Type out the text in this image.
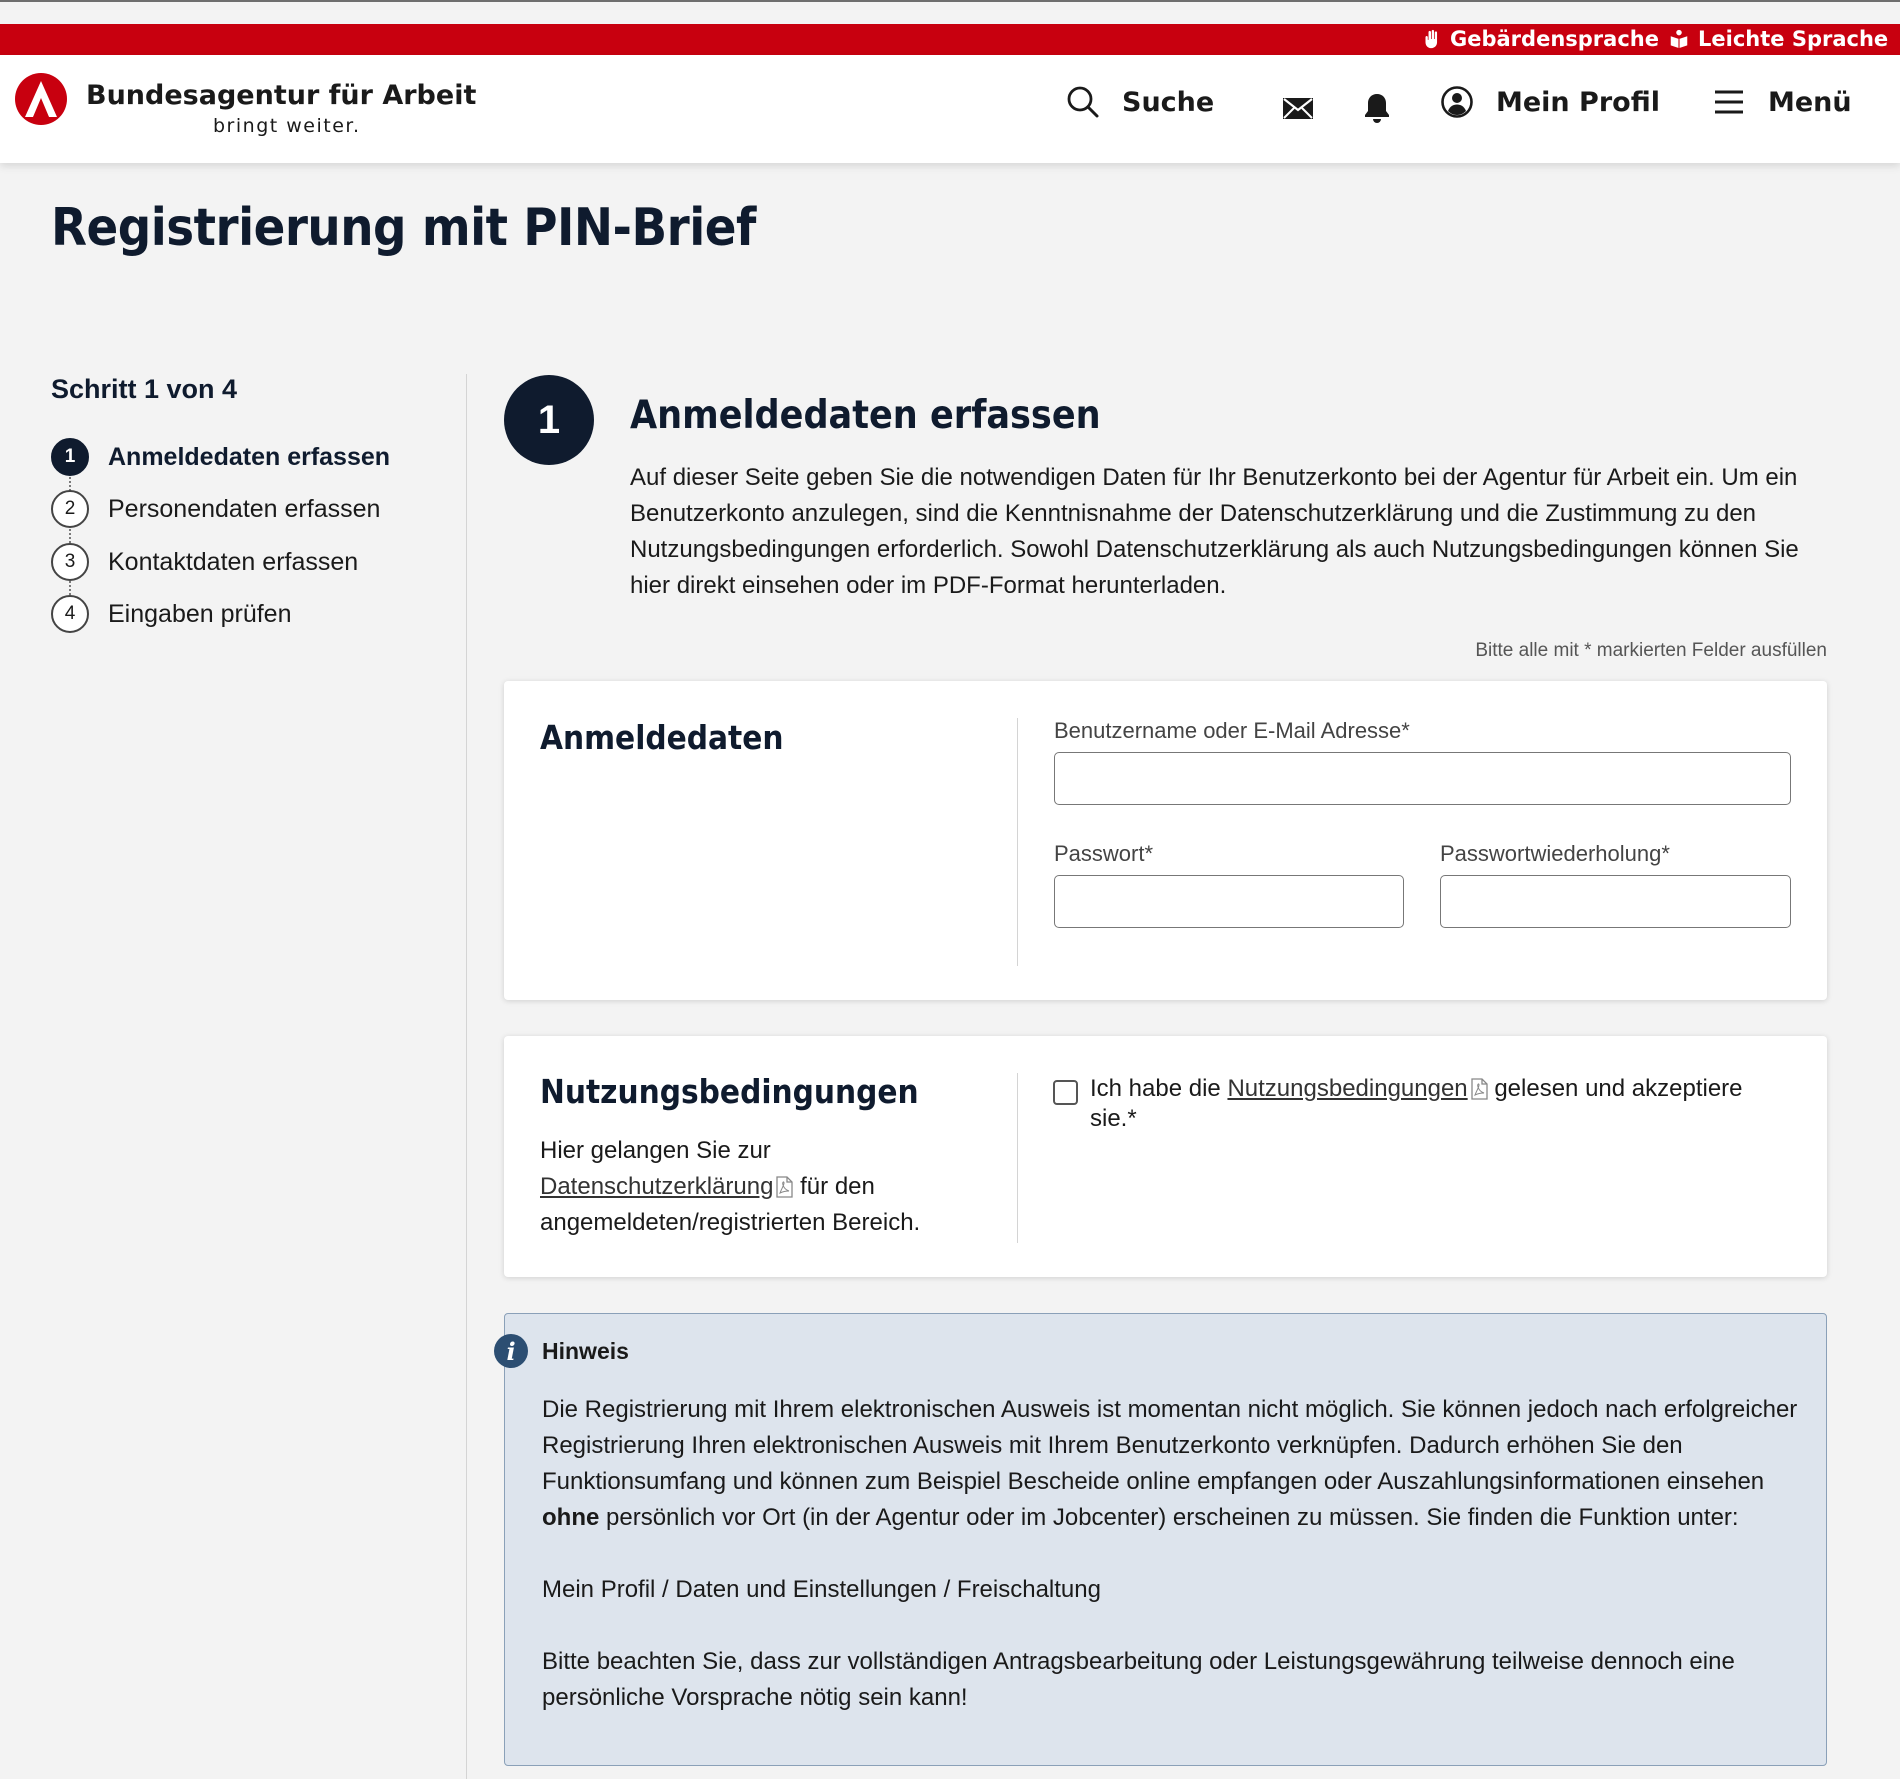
Gebärdensprache Leichte Sprache
Bundesagentur für Arbeit
bringt weiter.
Suche	Mein Profil	Menü
Registrierung mit PIN-Brief
Schritt 1 von 4
1	Anmeldedaten erfassen
2	Personendaten erfassen
3	Kontaktdaten erfassen
4	Eingaben prüfen
1	Anmeldedaten erfassen

Auf dieser Seite geben Sie die notwendigen Daten für Ihr Benutzerkonto bei der Agentur für Arbeit ein. Um ein Benutzerkonto anzulegen, sind die Kenntnisnahme der Datenschutzerklärung und die Zustimmung zu den Nutzungsbedingungen erforderlich. Sowohl Datenschutzerklärung als auch Nutzungsbedingungen können Sie hier direkt einsehen oder im PDF-Format herunterladen.

Bitte alle mit * markierten Felder ausfüllen
Anmeldedaten	Benutzername oder E-Mail Adresse*
Passwort*	Passwortwiederholung*
Nutzungsbedingungen
Hier gelangen Sie zur
Datenschutzerklärung für den angemeldeten/registrierten Bereich.
Ich habe die Nutzungsbedingungen gelesen und akzeptiere sie.*
i	Hinweis

Die Registrierung mit Ihrem elektronischen Ausweis ist momentan nicht möglich. Sie können jedoch nach erfolgreicher Registrierung Ihren elektronischen Ausweis mit Ihrem Benutzerkonto verknüpfen. Dadurch erhöhen Sie den Funktionsumfang und können zum Beispiel Bescheide online empfangen oder Auszahlungsinformationen einsehen ohne persönlich vor Ort (in der Agentur oder im Jobcenter) erscheinen zu müssen. Sie finden die Funktion unter:

Mein Profil / Daten und Einstellungen / Freischaltung

Bitte beachten Sie, dass zur vollständigen Antragsbearbeitung oder Leistungsgewährung teilweise dennoch eine persönliche Vorsprache nötig sein kann!
